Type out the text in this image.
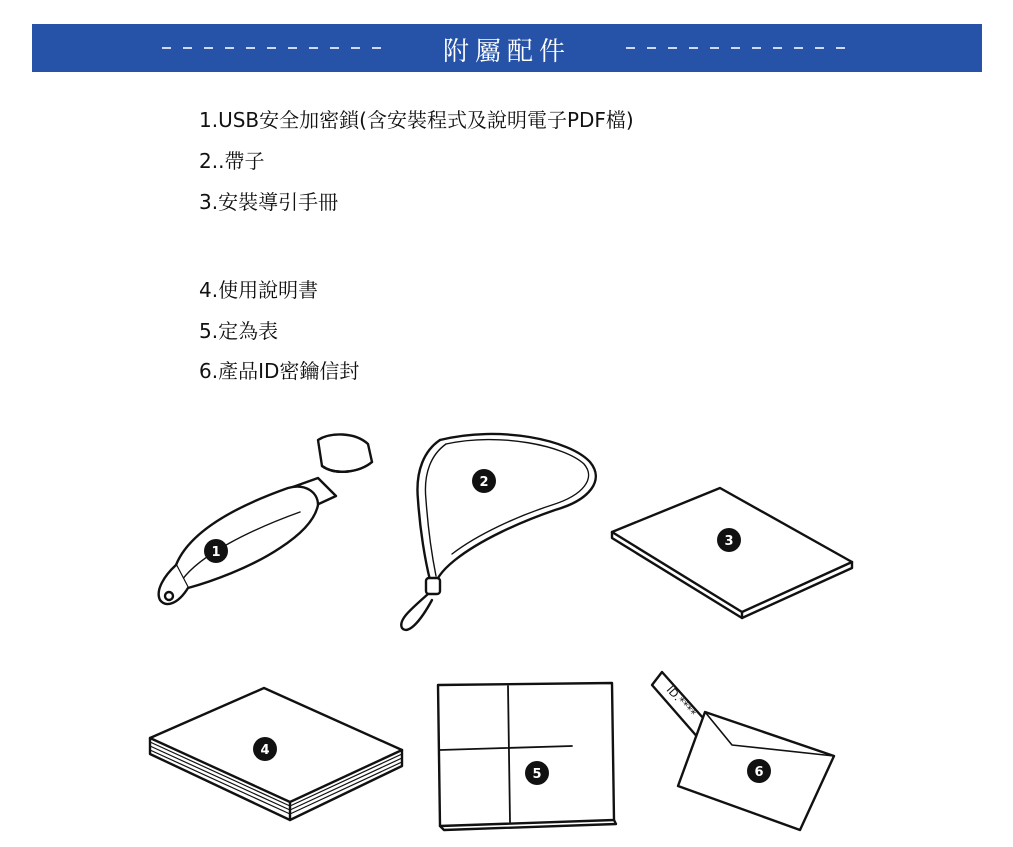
附屬配件
1.USB安全加密鎖(含安裝程式及說明電子PDF檔)
2..帶子
3.安裝導引手冊
4.使用說明書
5.定為表
6.產品ID密鑰信封
ID.****
1
2
3
4
5	6
